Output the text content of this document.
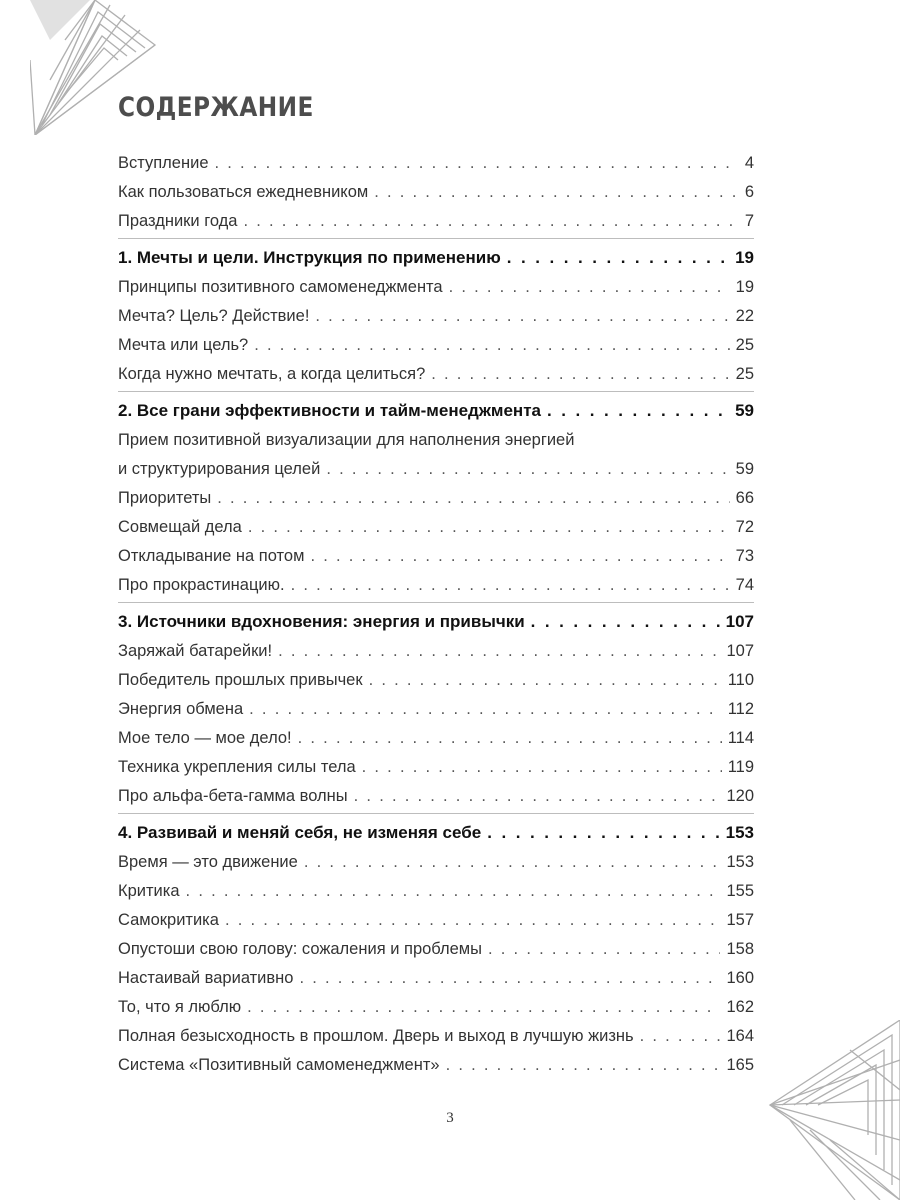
СОДЕРЖАНИЕ
Вступление . . .	4
Как пользоваться ежедневником . . .	6
Праздники года . . .	7
1. Мечты и цели. Инструкция по применению . . .	19
Принципы позитивного самоменеджмента . . .	19
Мечта? Цель? Действие! . . .	22
Мечта или цель? . . .	25
Когда нужно мечтать, а когда целиться? . . .	25
2. Все грани эффективности и тайм-менеджмента . . .	59
Прием позитивной визуализации для наполнения энергией
и структурирования целей . . .	59
Приоритеты . . .	66
Совмещай дела . . .	72
Откладывание на потом . . .	73
Про прокрастинацию. . . .	74
3. Источники вдохновения: энергия и привычки . . .	107
Заряжай батарейки! . . .	107
Победитель прошлых привычек . . .	110
Энергия обмена . . .	112
Мое тело — мое дело! . . .	114
Техника укрепления силы тела . . .	119
Про альфа-бета-гамма волны . . .	120
4. Развивай и меняй себя, не изменяя себе . . .	153
Время — это движение . . .	153
Критика . . .	155
Самокритика . . .	157
Опустоши свою голову: сожаления и проблемы . . .	158
Настаивай вариативно . . .	160
То, что я люблю . . .	162
Полная безысходность в прошлом. Дверь и выход в лучшую жизнь . . .	164
Система «Позитивный самоменеджмент» . . .	165
3
